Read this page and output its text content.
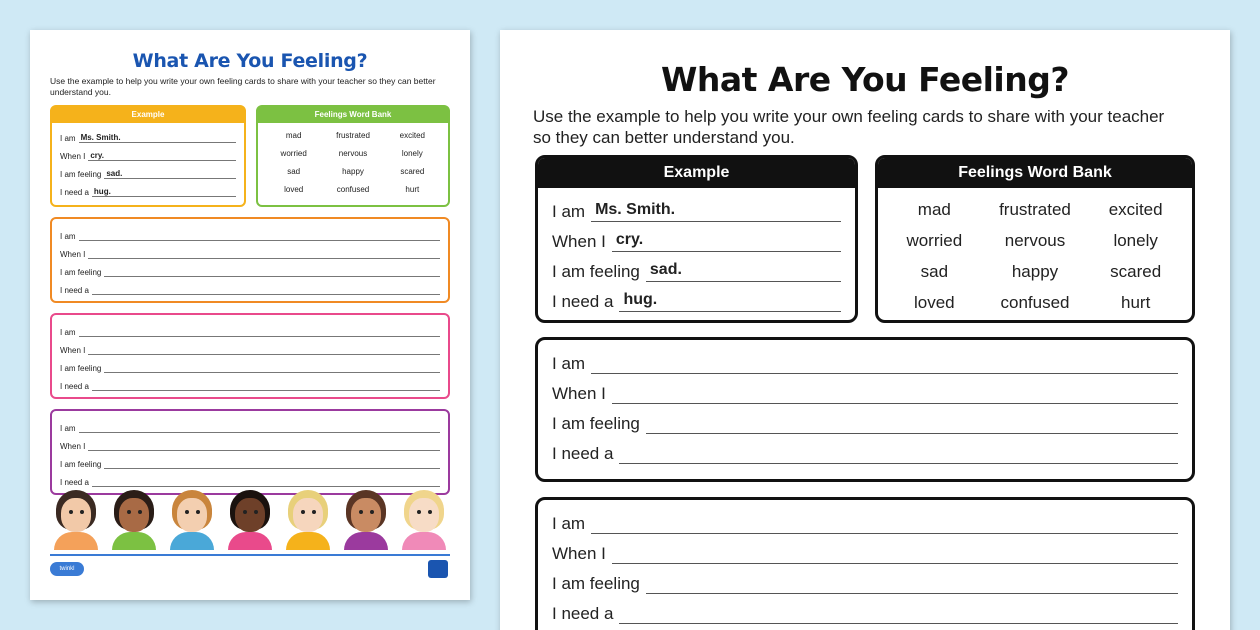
What Are You Feeling?
Use the example to help you write your own feeling cards to share with your teacher so they can better understand you.
Example
I am Ms. Smith.
When I cry.
I am feeling sad.
I need a hug.
Feelings Word Bank
mad	frustrated	excited
worried	nervous	lonely
sad	happy	scared
loved	confused	hurt
I am
When I
I am feeling
I need a
I am
When I
I am feeling
I need a
I am
When I
I am feeling
I need a
twinkl
What Are You Feeling?
Use the example to help you write your own feeling cards to share with your teacher
so they can better understand you.
Example
I am Ms. Smith.
When I cry.
I am feeling sad.
I need a hug.
Feelings Word Bank
mad	frustrated	excited
worried	nervous	lonely
sad	happy	scared
loved	confused	hurt
I am
When I
I am feeling
I need a
I am
When I
I am feeling
I need a
